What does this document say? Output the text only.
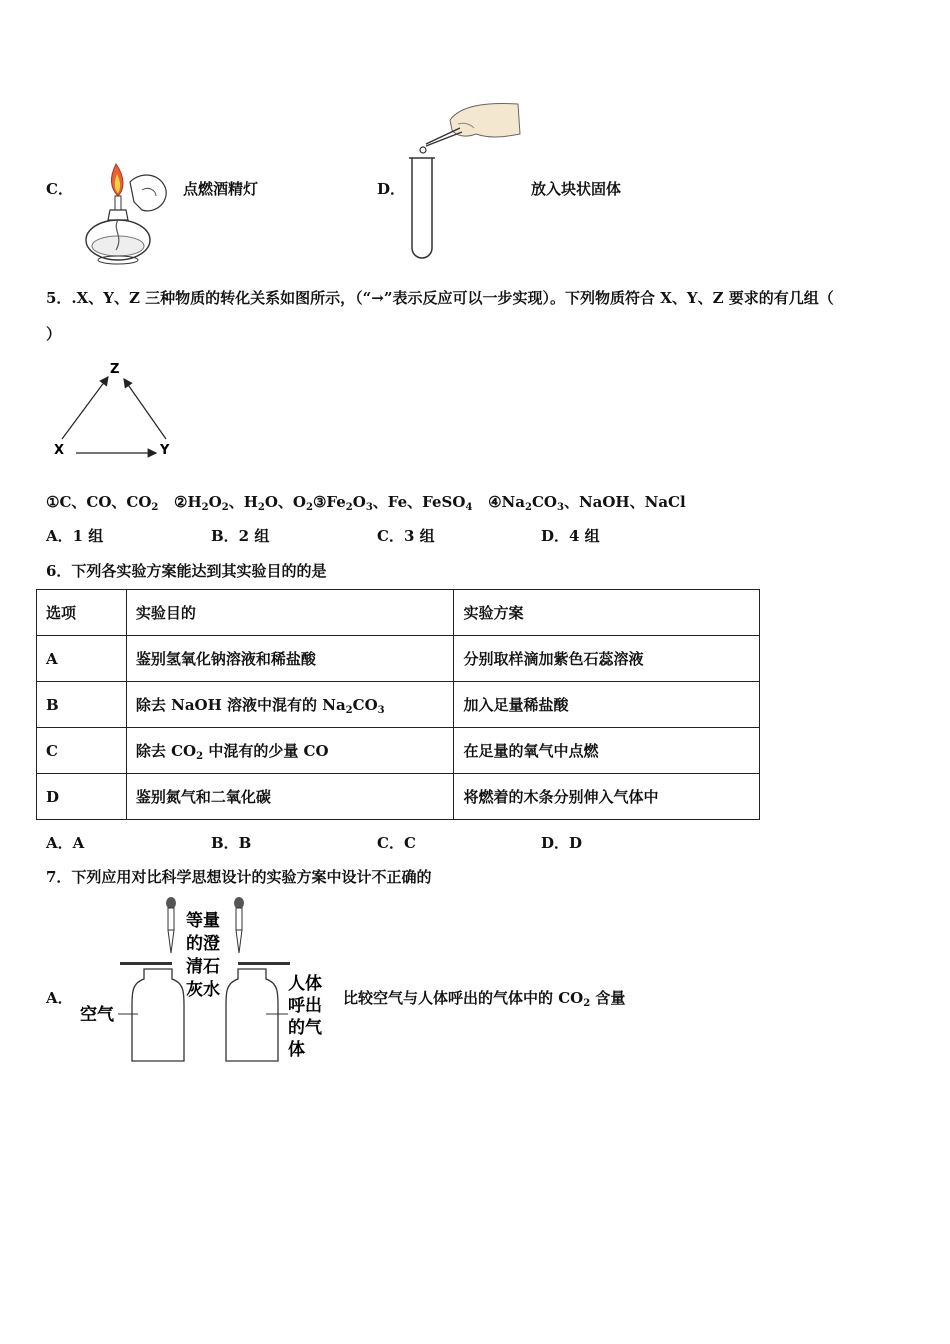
C．	点燃酒精灯	D．	放入块状固体
5．.X、Y、Z 三种物质的转化关系如图所示，（“→”表示反应可以一步实现）。下列物质符合 X、Y、Z 要求的有几组（
）
Z
X	Y
①C、CO、$CO_2$ $②H_2O_2$、$H_2O$、$O_2③Fe_2O_3$、Fe、FeSO$_4$ $④Na_2CO_3$、NaOH、NaCl
A．1 组	B．2 组	C．3 组	D．4 组
6．下列各实验方案能达到其实验目的的是
选项	实验目的	实验方案
A	鉴别氢氧化钠溶液和稀盐酸	分别取样滴加紫色石蕊溶液
B	除去 NaOH 溶液中混有的 $Na_2CO_3$	加入足量稀盐酸
C	除去 $CO_2$ 中混有的少量 CO	在足量的氧气中点燃
D	鉴别氮气和二氧化碳	将燃着的木条分别伸入气体中
A．A	B．B	C．C	D．D
7．下列应用对比科学思想设计的实验方案中设计不正确的
A．
空气
等量
的澄
清石
灰水	人体
呼出
的气
体
比较空气与人体呼出的气体中的 $CO_2$ 含量
